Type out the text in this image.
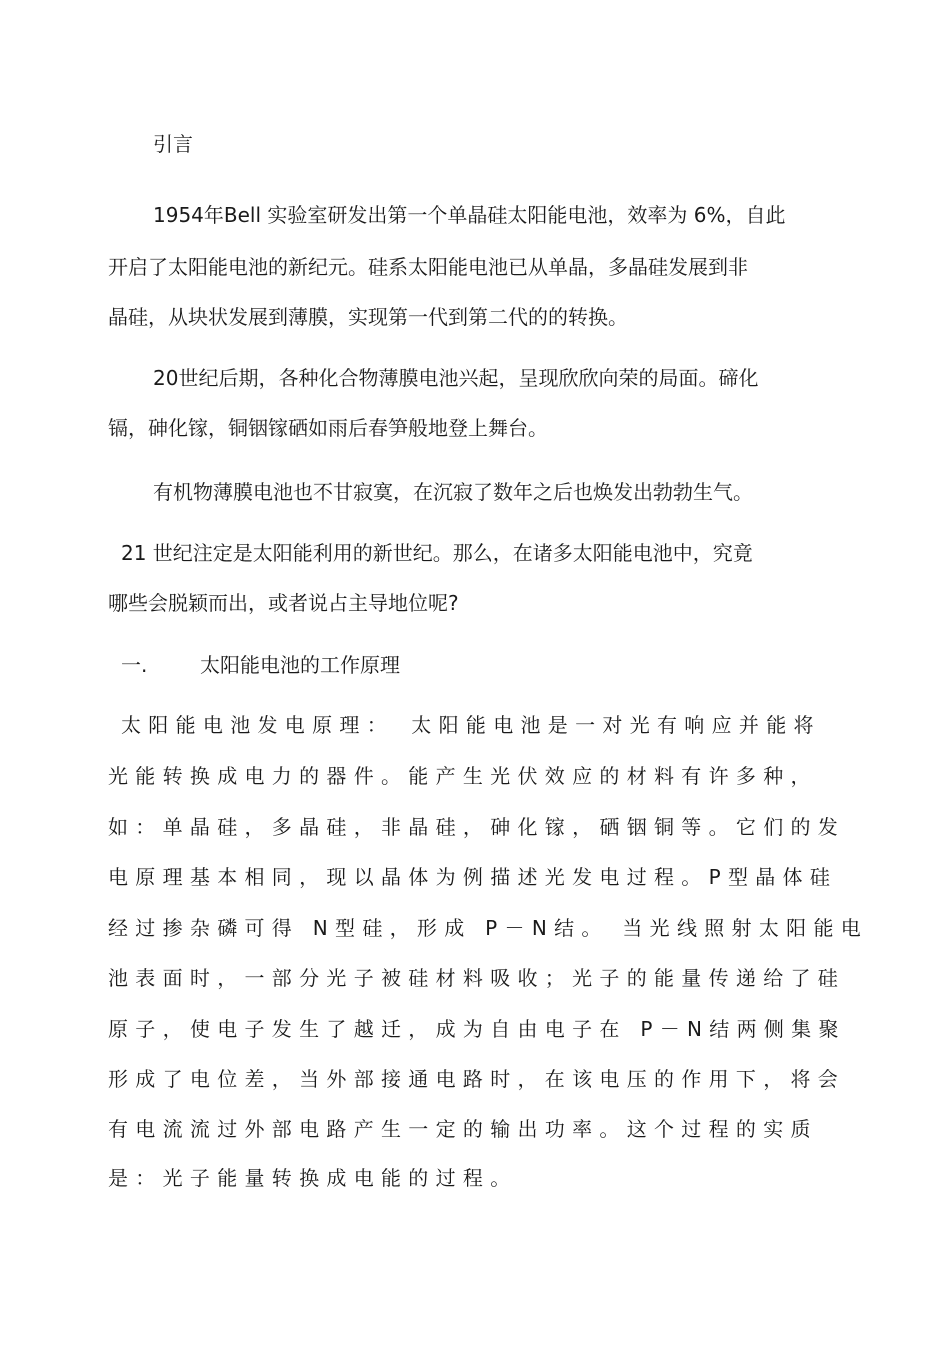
引言
1954年Bell 实验室研发出第一个单晶硅太阳能电池，效率为 6%，自此
开启了太阳能电池的新纪元。硅系太阳能电池已从单晶，多晶硅发展到非
晶硅，从块状发展到薄膜，实现第一代到第二代的的转换。
20世纪后期，各种化合物薄膜电池兴起，呈现欣欣向荣的局面。碲化
镉，砷化镓，铜铟镓硒如雨后春笋般地登上舞台。
有机物薄膜电池也不甘寂寞，在沉寂了数年之后也焕发出勃勃生气。
21 世纪注定是太阳能利用的新世纪。那么，在诸多太阳能电池中，究竟
哪些会脱颖而出，或者说占主导地位呢?
一.	太阳能电池的工作原理
太阳能电池发电原理：　太阳能电池是一对光有响应并能将
光能转换成电力的器件。能产生光伏效应的材料有许多种，
如：单晶硅，多晶硅，非晶硅，砷化镓，硒铟铜等。它们的发
电原理基本相同，现以晶体为例描述光发电过程。P型晶体硅
经过掺杂磷可得 N型硅，形成 P－N结。 当光线照射太阳能电
池表面时，一部分光子被硅材料吸收；光子的能量传递给了硅
原子，使电子发生了越迁，成为自由电子在 P－N结两侧集聚
形成了电位差，当外部接通电路时，在该电压的作用下，将会
有电流流过外部电路产生一定的输出功率。这个过程的实质
是：光子能量转换成电能的过程。
